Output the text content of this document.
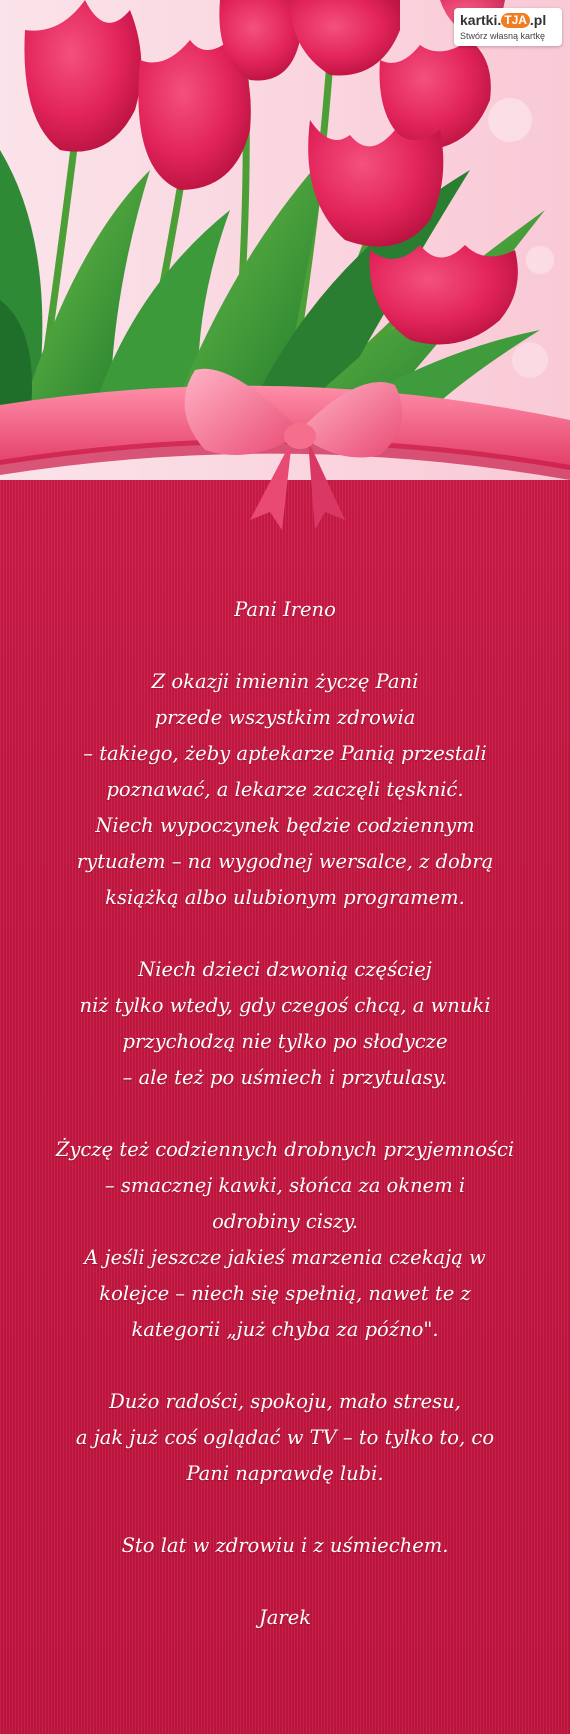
kartki. TJA .pl
Stwórz własną kartkę

Pani Ireno

Z okazji imienin życzę Pani

przede wszystkim zdrowia

– takiego, żeby aptekarze Panią przestali

poznawać, a lekarze zaczęli tęsknić.

Niech wypoczynek będzie codziennym

rytuałem – na wygodnej wersalce, z dobrą

książką albo ulubionym programem.

Niech dzieci dzwonią częściej

niż tylko wtedy, gdy czegoś chcą, a wnuki

przychodzą nie tylko po słodycze

– ale też po uśmiech i przytulasy.

Życzę też codziennych drobnych przyjemności

– smacznej kawki, słońca za oknem i

odrobiny ciszy.

A jeśli jeszcze jakieś marzenia czekają w

kolejce – niech się spełnią, nawet te z

kategorii „już chyba za późno".

Dużo radości, spokoju, mało stresu,

a jak już coś oglądać w TV – to tylko to, co

Pani naprawdę lubi.

Sto lat w zdrowiu i z uśmiechem.

Jarek
